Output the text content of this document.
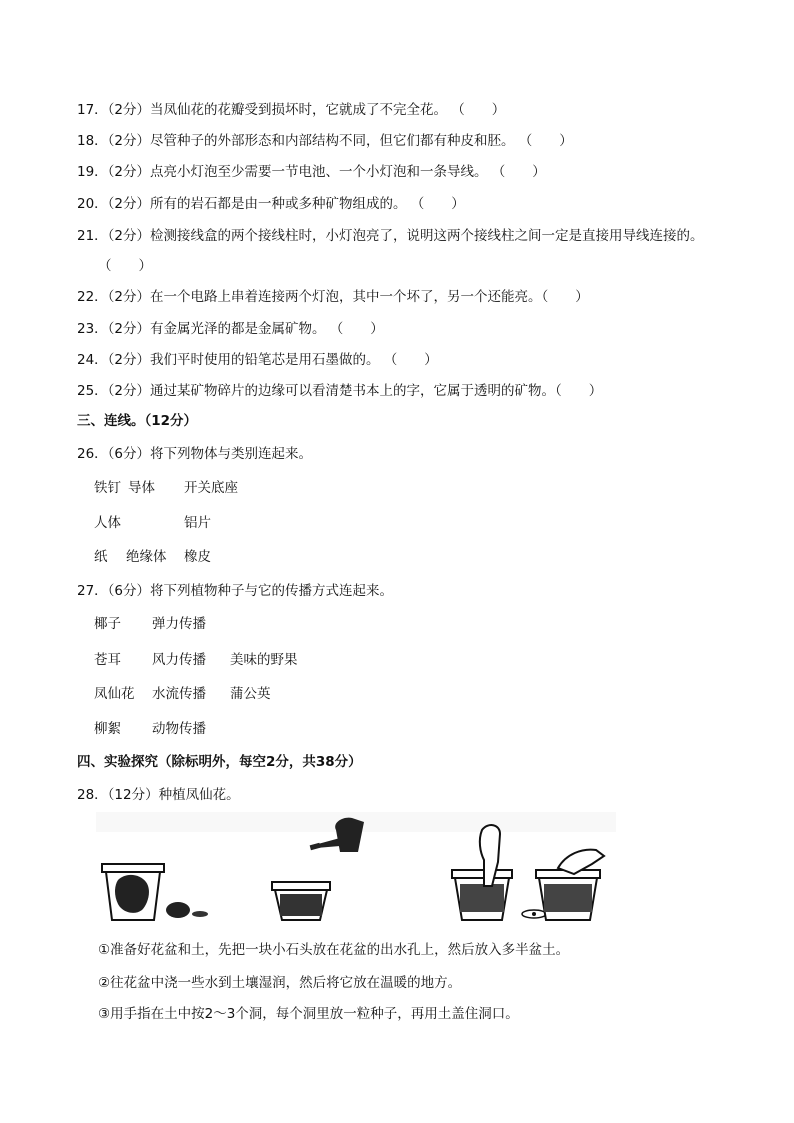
17．（2分）当凤仙花的花瓣受到损坏时，它就成了不完全花。 （　　）
18．（2分）尽管种子的外部形态和内部结构不同，但它们都有种皮和胚。 （　　）
19．（2分）点亮小灯泡至少需要一节电池、一个小灯泡和一条导线。 （　　）
20．（2分）所有的岩石都是由一种或多种矿物组成的。 （　　）
21．（2分）检测接线盒的两个接线柱时，小灯泡亮了，说明这两个接线柱之间一定是直接用导线连接的。
（　　）
22．（2分）在一个电路上串着连接两个灯泡，其中一个坏了，另一个还能亮。（　　）
23．（2分）有金属光泽的都是金属矿物。 （　　）
24．（2分）我们平时使用的铅笔芯是用石墨做的。 （　　）
25．（2分）通过某矿物碎片的边缘可以看清楚书本上的字，它属于透明的矿物。（　　）
三、连线。（12分）
26．（6分）将下列物体与类别连起来。
铁钉 导体 开关底座
人体	铝片
纸 绝缘体 橡皮
27．（6分）将下列植物种子与它的传播方式连起来。
椰子 弹力传播
苍耳 风力传播 美味的野果
凤仙花 水流传播 蒲公英
柳絮 动物传播
四、实验探究（除标明外，每空2分，共38分）
28．（12分）种植凤仙花。
①准备好花盆和土，先把一块小石头放在花盆的出水孔上，然后放入多半盆土。
②往花盆中浇一些水到土壤湿润，然后将它放在温暖的地方。
③用手指在土中按2～3个洞，每个洞里放一粒种子，再用土盖住洞口。
